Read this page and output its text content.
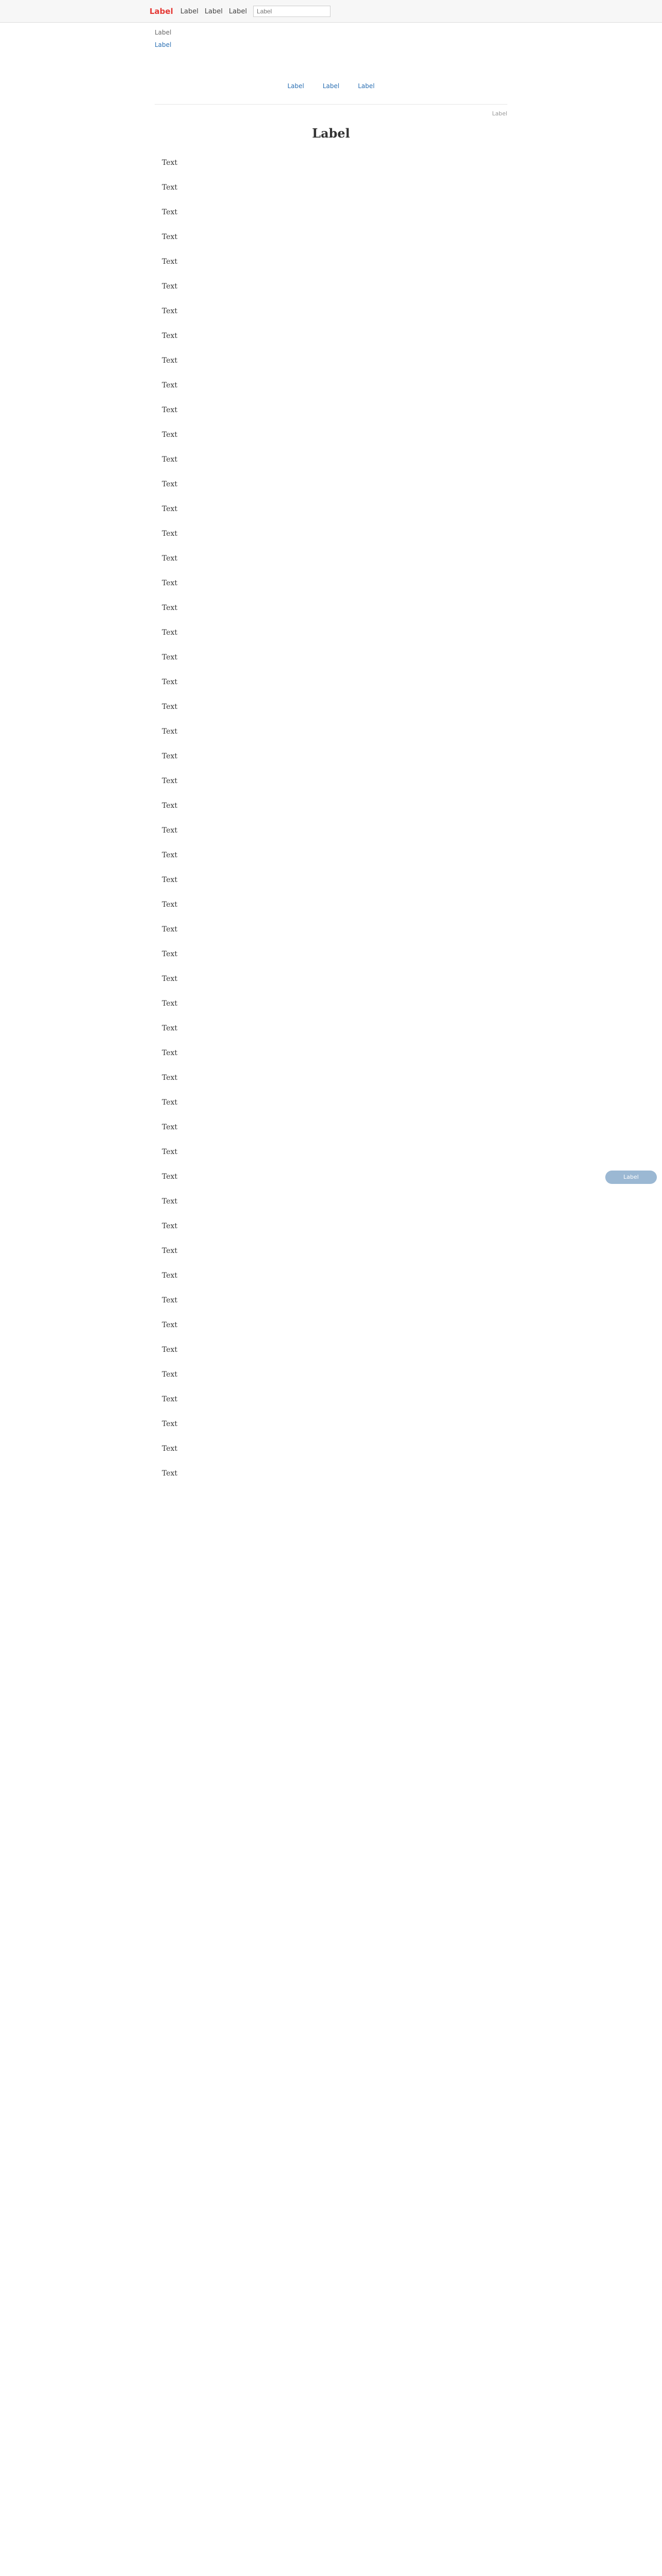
Label Label Label Label
Label
Label
Label
Label	Label	Label
Label
Label

Text

Text

Text

Text

Text

Text

Text

Text

Text

Text

Text

Text

Text

Text

Text

Text

Text

Text

Text

Text

Text

Text

Text

Text

Text

Text

Text

Text

Text

Text

Text

Text

Text

Text

Text

Text

Text

Text

Text

Text

Text

Text

Text

Text

Text

Text

Text

Text

Text

Text

Text

Text

Text

Text

Label
